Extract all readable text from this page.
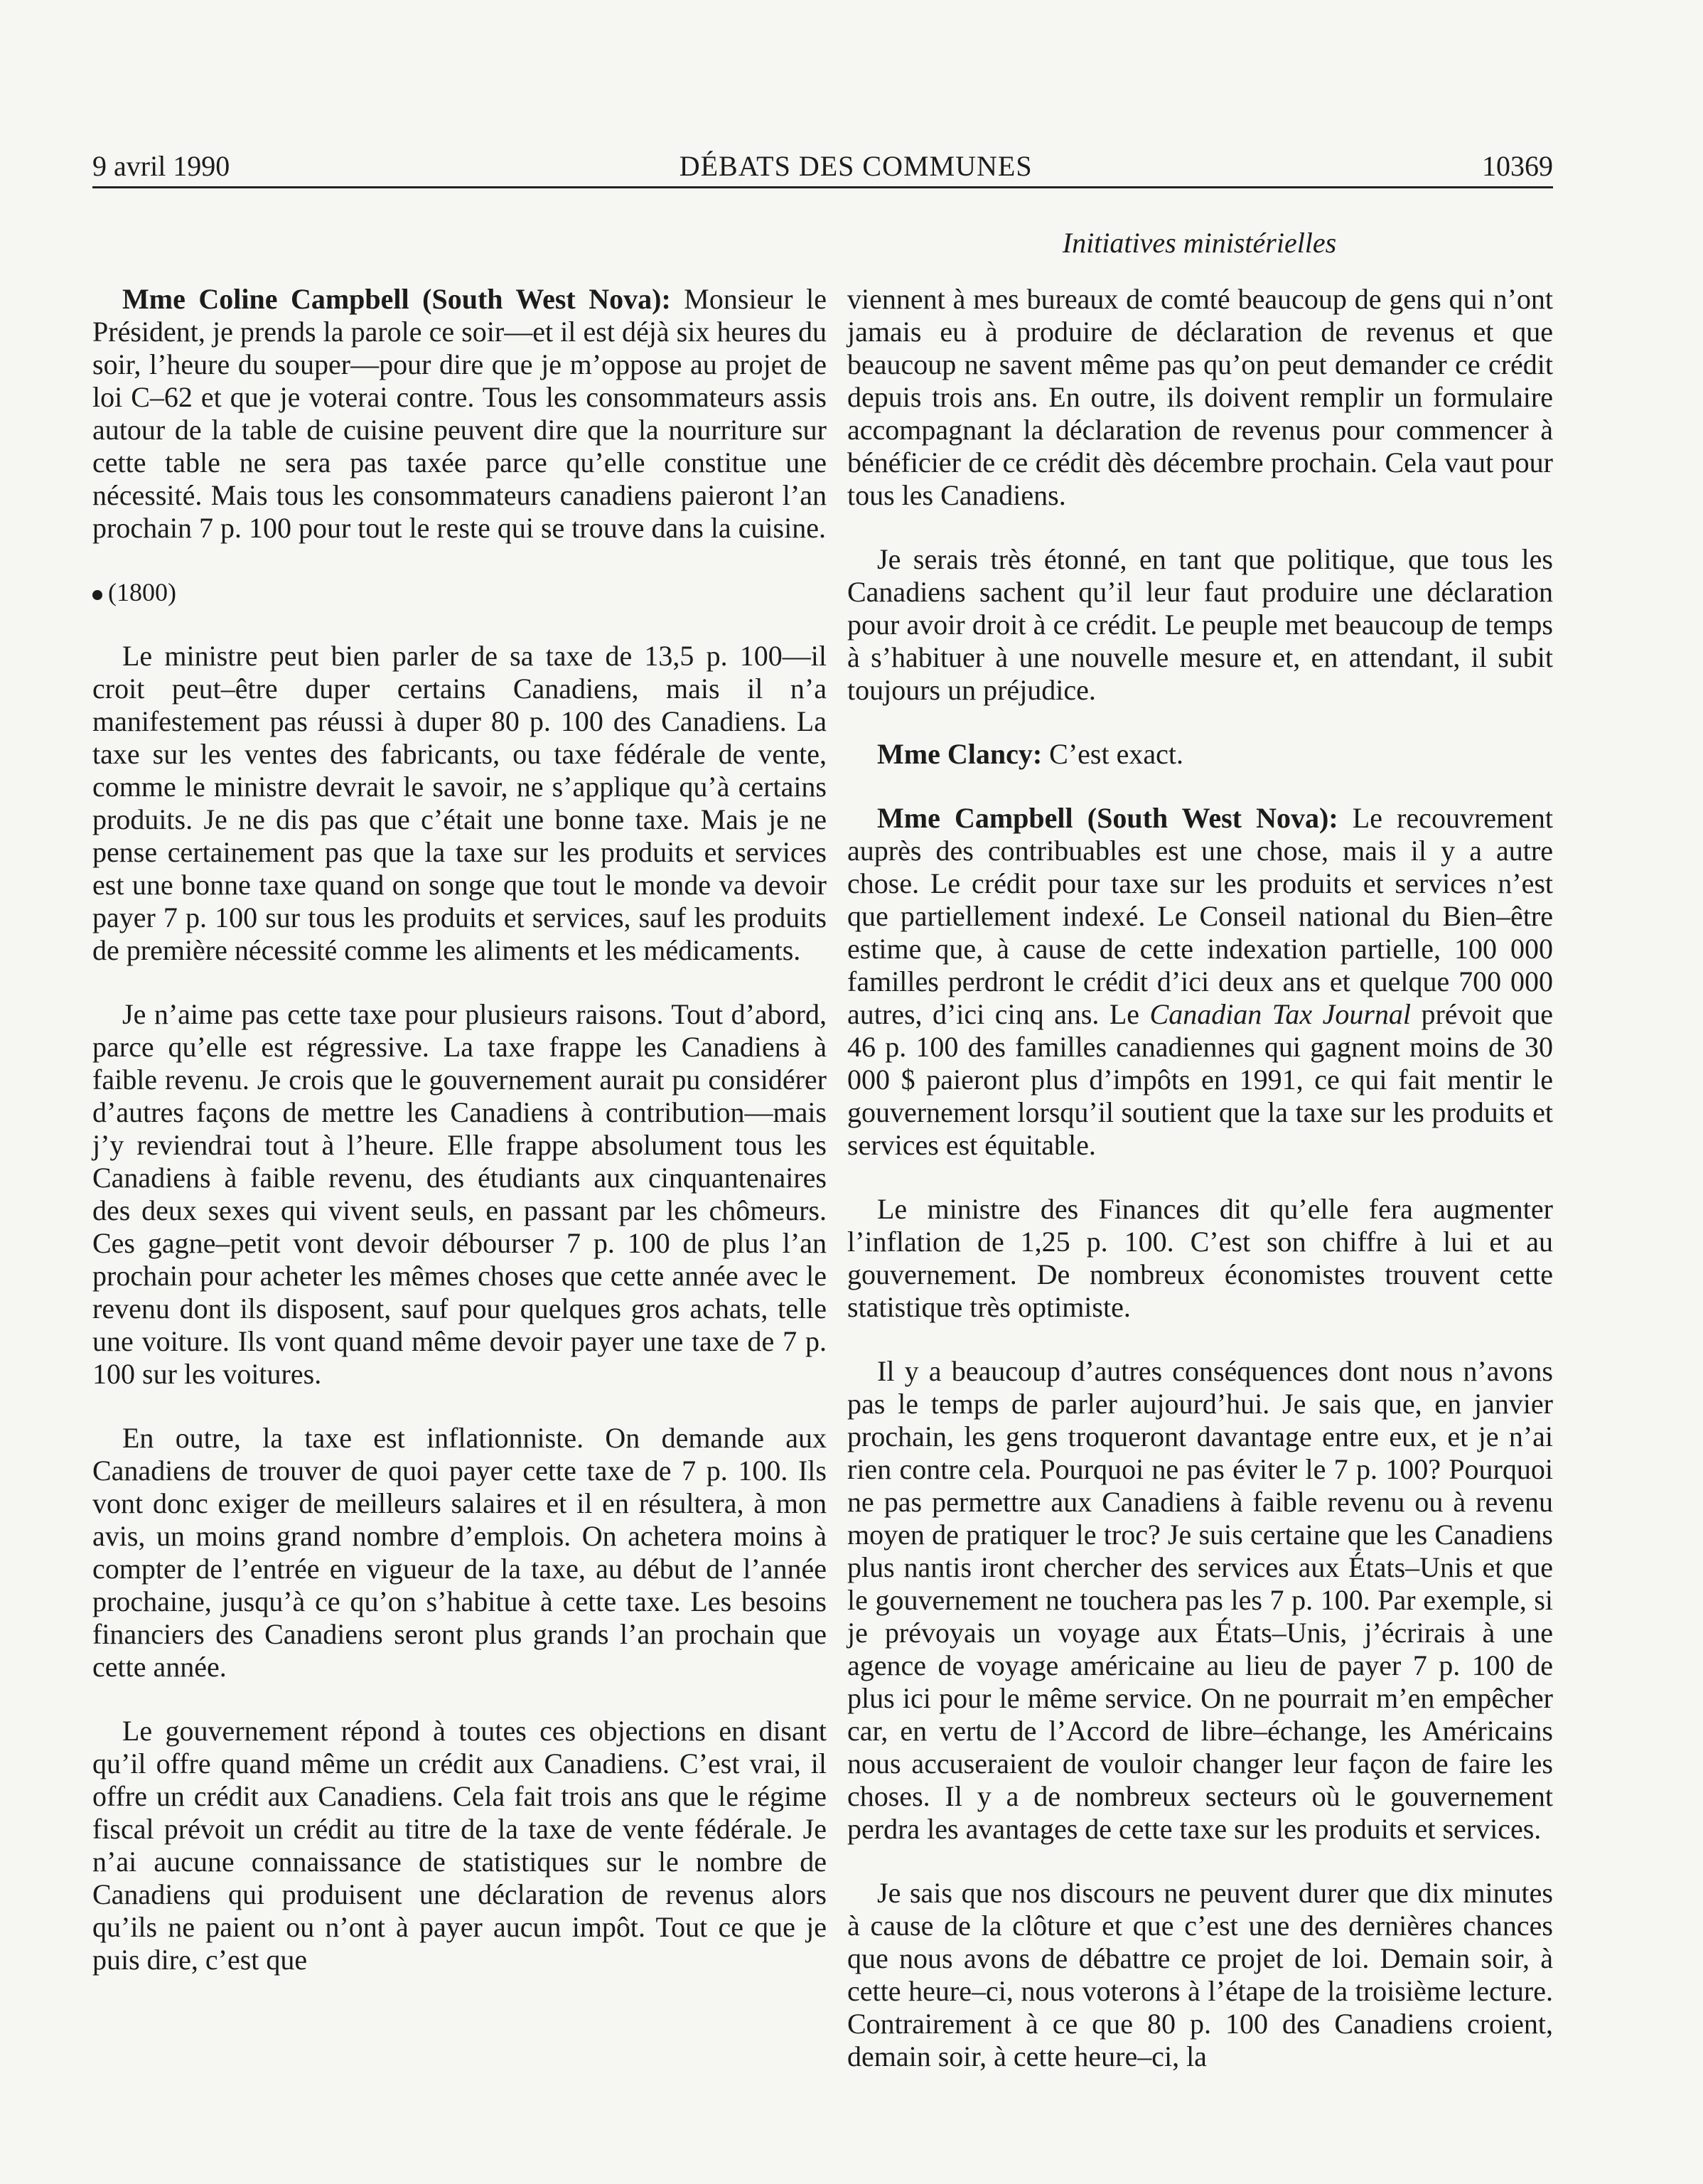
9 avril 1990	DÉBATS DES COMMUNES	10369
Initiatives ministérielles

Mme Coline Campbell (South West Nova): Monsieur le Président, je prends la parole ce soir—et il est déjà six heures du soir, l’heure du souper—pour dire que je m’oppose au projet de loi C–62 et que je voterai contre. Tous les consommateurs assis autour de la table de cuisine peuvent dire que la nourriture sur cette table ne sera pas taxée parce qu’elle constitue une nécessité. Mais tous les consommateurs canadiens paieront l’an prochain 7 p. 100 pour tout le reste qui se trouve dans la cuisine.

(1800)

Le ministre peut bien parler de sa taxe de 13,5 p. 100—il croit peut–être duper certains Canadiens, mais il n’a manifestement pas réussi à duper 80 p. 100 des Canadiens. La taxe sur les ventes des fabricants, ou taxe fédérale de vente, comme le ministre devrait le savoir, ne s’applique qu’à certains produits. Je ne dis pas que c’était une bonne taxe. Mais je ne pense certainement pas que la taxe sur les produits et services est une bonne taxe quand on songe que tout le monde va devoir payer 7 p. 100 sur tous les produits et services, sauf les produits de première nécessité comme les aliments et les médicaments.

Je n’aime pas cette taxe pour plusieurs raisons. Tout d’abord, parce qu’elle est régressive. La taxe frappe les Canadiens à faible revenu. Je crois que le gouvernement aurait pu considérer d’autres façons de mettre les Canadiens à contribution—mais j’y reviendrai tout à l’heure. Elle frappe absolument tous les Canadiens à faible revenu, des étudiants aux cinquantenaires des deux sexes qui vivent seuls, en passant par les chômeurs. Ces gagne–petit vont devoir débourser 7 p. 100 de plus l’an prochain pour acheter les mêmes choses que cette année avec le revenu dont ils disposent, sauf pour quelques gros achats, telle une voiture. Ils vont quand même devoir payer une taxe de 7 p. 100 sur les voitures.

En outre, la taxe est inflationniste. On demande aux Canadiens de trouver de quoi payer cette taxe de 7 p. 100. Ils vont donc exiger de meilleurs salaires et il en résultera, à mon avis, un moins grand nombre d’emplois. On achetera moins à compter de l’entrée en vigueur de la taxe, au début de l’année prochaine, jusqu’à ce qu’on s’habitue à cette taxe. Les besoins financiers des Canadiens seront plus grands l’an prochain que cette année.

Le gouvernement répond à toutes ces objections en disant qu’il offre quand même un crédit aux Canadiens. C’est vrai, il offre un crédit aux Canadiens. Cela fait trois ans que le régime fiscal prévoit un crédit au titre de la taxe de vente fédérale. Je n’ai aucune connaissance de statistiques sur le nombre de Canadiens qui produisent une déclaration de revenus alors qu’ils ne paient ou n’ont à payer aucun impôt. Tout ce que je puis dire, c’est que

viennent à mes bureaux de comté beaucoup de gens qui n’ont jamais eu à produire de déclaration de revenus et que beaucoup ne savent même pas qu’on peut demander ce crédit depuis trois ans. En outre, ils doivent remplir un formulaire accompagnant la déclaration de revenus pour commencer à bénéficier de ce crédit dès décembre prochain. Cela vaut pour tous les Canadiens.

Je serais très étonné, en tant que politique, que tous les Canadiens sachent qu’il leur faut produire une déclaration pour avoir droit à ce crédit. Le peuple met beaucoup de temps à s’habituer à une nouvelle mesure et, en attendant, il subit toujours un préjudice.

Mme Clancy: C’est exact.

Mme Campbell (South West Nova): Le recouvrement auprès des contribuables est une chose, mais il y a autre chose. Le crédit pour taxe sur les produits et services n’est que partiellement indexé. Le Conseil national du Bien–être estime que, à cause de cette indexation partielle, 100 000 familles perdront le crédit d’ici deux ans et quelque 700 000 autres, d’ici cinq ans. Le Canadian Tax Journal prévoit que 46 p. 100 des familles canadiennes qui gagnent moins de 30 000 $ paieront plus d’impôts en 1991, ce qui fait mentir le gouvernement lorsqu’il soutient que la taxe sur les produits et services est équitable.

Le ministre des Finances dit qu’elle fera augmenter l’inflation de 1,25 p. 100. C’est son chiffre à lui et au gouvernement. De nombreux économistes trouvent cette statistique très optimiste.

Il y a beaucoup d’autres conséquences dont nous n’avons pas le temps de parler aujourd’hui. Je sais que, en janvier prochain, les gens troqueront davantage entre eux, et je n’ai rien contre cela. Pourquoi ne pas éviter le 7 p. 100? Pourquoi ne pas permettre aux Canadiens à faible revenu ou à revenu moyen de pratiquer le troc? Je suis certaine que les Canadiens plus nantis iront chercher des services aux États–Unis et que le gouvernement ne touchera pas les 7 p. 100. Par exemple, si je prévoyais un voyage aux États–Unis, j’écrirais à une agence de voyage américaine au lieu de payer 7 p. 100 de plus ici pour le même service. On ne pourrait m’en empêcher car, en vertu de l’Accord de libre–échange, les Américains nous accuseraient de vouloir changer leur façon de faire les choses. Il y a de nombreux secteurs où le gouvernement perdra les avantages de cette taxe sur les produits et services.

Je sais que nos discours ne peuvent durer que dix minutes à cause de la clôture et que c’est une des dernières chances que nous avons de débattre ce projet de loi. Demain soir, à cette heure–ci, nous voterons à l’étape de la troisième lecture. Contrairement à ce que 80 p. 100 des Canadiens croient, demain soir, à cette heure–ci, la
